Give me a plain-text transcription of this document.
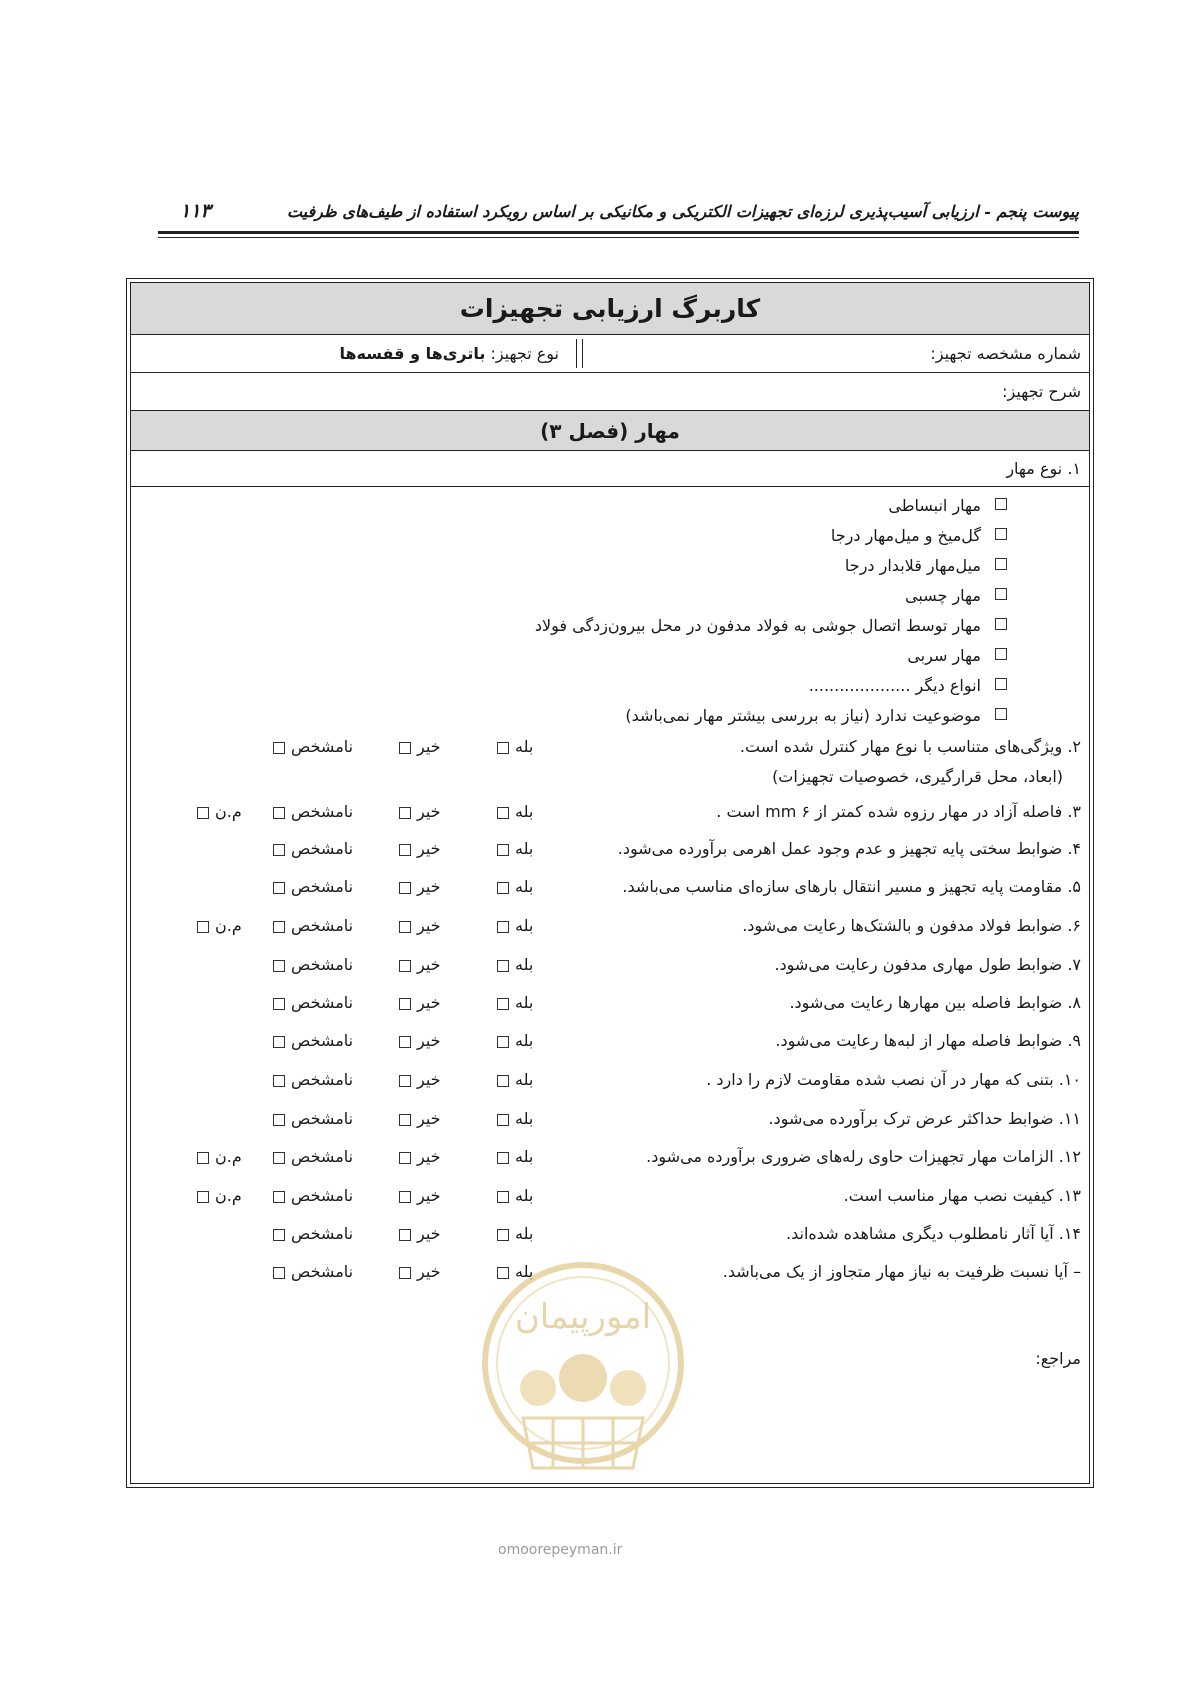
پیوست پنجم - ارزیابی آسیب‌پذیری لرزه‌ای تجهیزات الکتریکی و مکانیکی بر اساس رویکرد استفاده از طیف‌های ظرفیت
۱۱۳
کاربرگ ارزیابی تجهیزات
شماره مشخصه تجهیز:
نوع تجهیز: باتری‌ها و قفسه‌ها
شرح تجهیز:
مهار (فصل ۳)
۱. نوع مهار
مهار انبساطی
گل‌میخ و میل‌مهار درجا
میل‌مهار قلابدار درجا
مهار چسبی
مهار توسط اتصال جوشی به فولاد مدفون در محل بیرون‌زدگی فولاد
مهار سربی
انواع دیگر ....................
موضوعیت ندارد (نیاز به بررسی بیشتر مهار نمی‌باشد)
۲. ویژگی‌های متناسب با نوع مهار کنترل شده است.
(ابعاد، محل قرارگیری، خصوصیات تجهیزات)
بله
خیر
نامشخص
۳. فاصله آزاد در مهار رزوه شده کمتر از mm ۶ است .
بله
خیر
نامشخص
م.ن
۴. ضوابط سختی پایه تجهیز و عدم وجود عمل اهرمی برآورده می‌شود.
بله
خیر
نامشخص
۵. مقاومت پایه تجهیز و مسیر انتقال بارهای سازه‌ای مناسب می‌باشد.
بله
خیر
نامشخص
۶. ضوابط فولاد مدفون و بالشتک‌ها رعایت می‌شود.
بله
خیر
نامشخص
م.ن
۷. ضوابط طول مهاری مدفون رعایت می‌شود.
بله
خیر
نامشخص
۸. ضوابط فاصله بین مهارها رعایت می‌شود.
بله
خیر
نامشخص
۹. ضوابط فاصله مهار از لبه‌ها رعایت می‌شود.
بله
خیر
نامشخص
۱۰. بتنی که مهار در آن نصب شده مقاومت لازم را دارد .
بله
خیر
نامشخص
۱۱. ضوابط حداکثر عرض ترک برآورده می‌شود.
بله
خیر
نامشخص
۱۲. الزامات مهار تجهیزات حاوی رله‌های ضروری برآورده می‌شود.
بله
خیر
نامشخص
م.ن
۱۳. کیفیت نصب مهار مناسب است.
بله
خیر
نامشخص
م.ن
۱۴. آیا آثار نامطلوب دیگری مشاهده شده‌اند.
بله
خیر
نامشخص
– آیا نسبت ظرفیت به نیاز مهار متجاوز از یک می‌باشد.
بله
خیر
نامشخص
مراجع:
امورپیمان
omoorepeyman.ir
